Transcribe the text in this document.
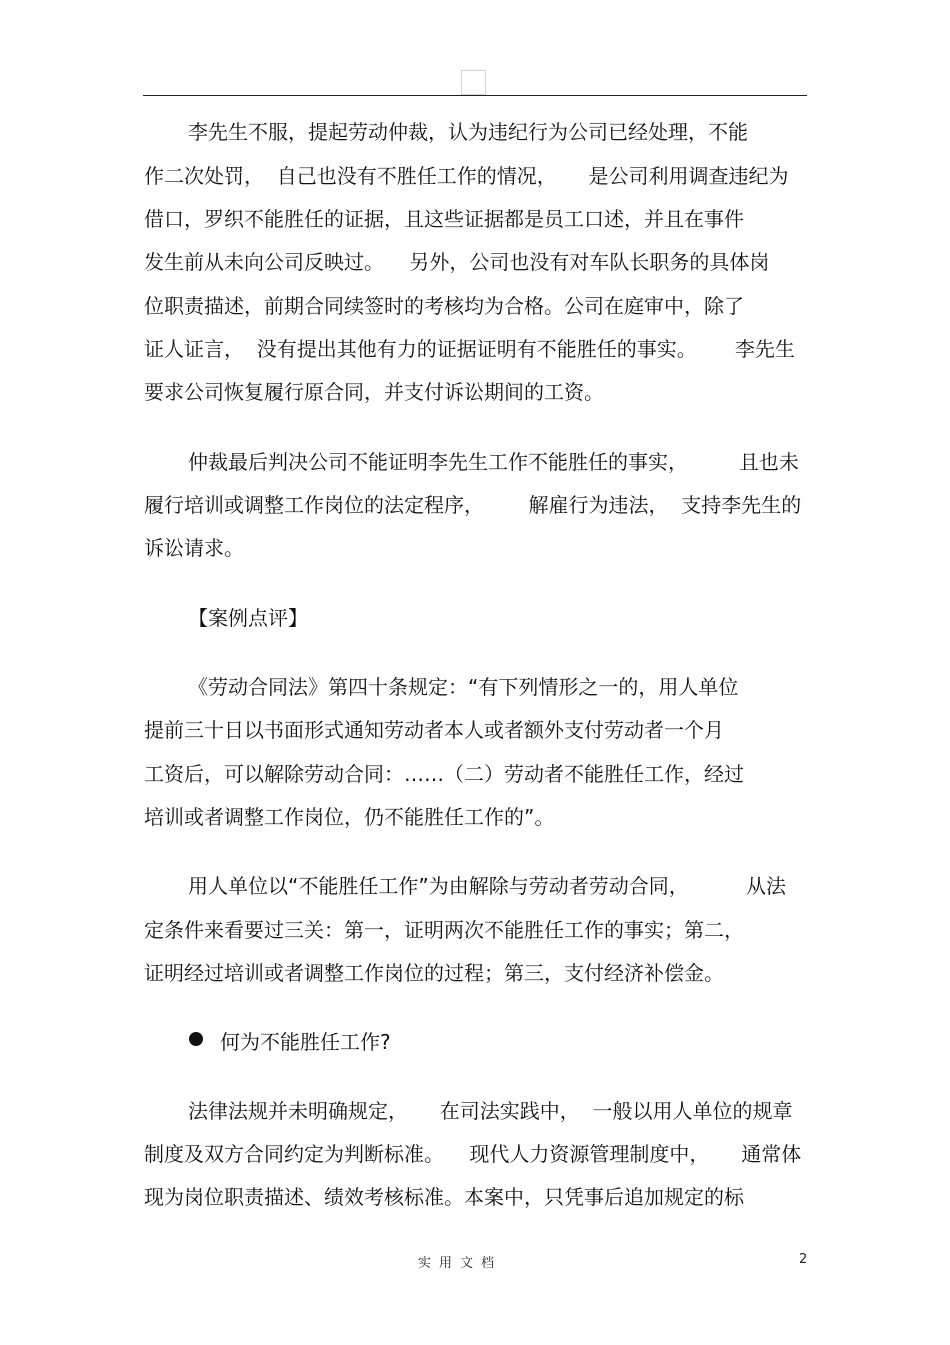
李先生不服，提起劳动仲裁，认为违纪行为公司已经处理，不能
作二次处罚，  自己也没有不胜任工作的情况，     是公司利用调查违纪为
借口，罗织不能胜任的证据，且这些证据都是员工口述，并且在事件
发生前从未向公司反映过。    另外，公司也没有对车队长职务的具体岗
位职责描述，前期合同续签时的考核均为合格。公司在庭审中，除了
证人证言，  没有提出其他有力的证据证明有不能胜任的事实。      李先生
要求公司恢复履行原合同，并支付诉讼期间的工资。
仲裁最后判决公司不能证明李先生工作不能胜任的事实，        且也未
履行培训或调整工作岗位的法定程序，       解雇行为违法，  支持李先生的
诉讼请求。
【案例点评】
《劳动合同法》第四十条规定：“有下列情形之一的，用人单位
提前三十日以书面形式通知劳动者本人或者额外支付劳动者一个月
工资后，可以解除劳动合同：……（二）劳动者不能胜任工作，经过
培训或者调整工作岗位，仍不能胜任工作的”。
用人单位以“不能胜任工作”为由解除与劳动者劳动合同，         从法
定条件来看要过三关：第一，证明两次不能胜任工作的事实；第二，
证明经过培训或者调整工作岗位的过程；第三，支付经济补偿金。
何为不能胜任工作?
法律法规并未明确规定，     在司法实践中，  一般以用人单位的规章
制度及双方合同约定为判断标准。    现代人力资源管理制度中，     通常体
现为岗位职责描述、绩效考核标准。本案中，只凭事后追加规定的标
实用文档	2
